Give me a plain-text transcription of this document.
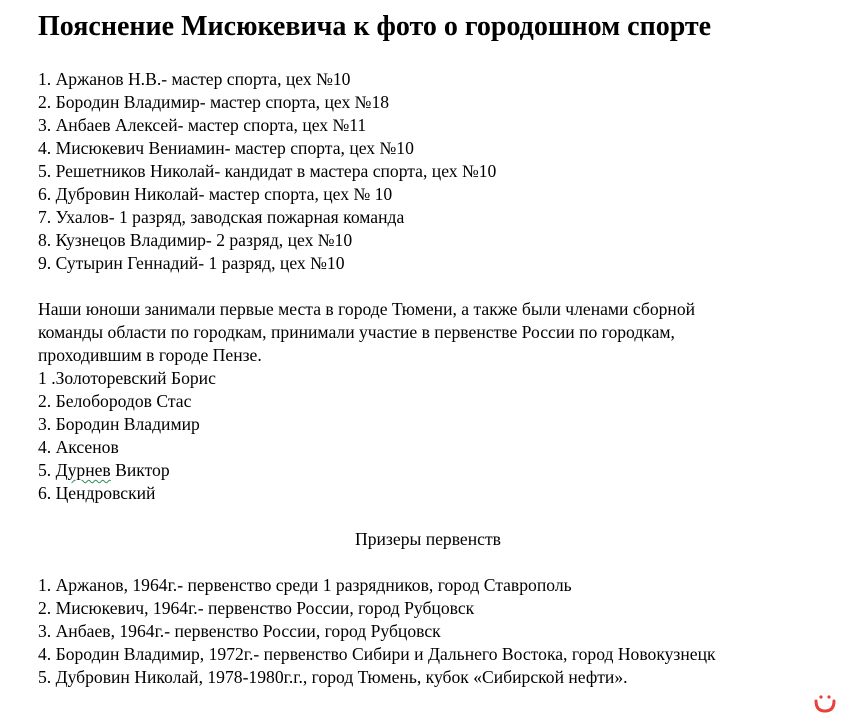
Пояснение Мисюкевича к фото о городошном спорте
1. Аржанов Н.В.- мастер спорта, цех №10
2. Бородин Владимир- мастер спорта, цех №18
3. Анбаев Алексей- мастер спорта, цех №11
4. Мисюкевич Вениамин- мастер спорта, цех №10
5. Решетников Николай- кандидат в мастера спорта, цех №10
6. Дубровин Николай- мастер спорта, цех № 10
7. Ухалов- 1 разряд, заводская пожарная команда
8. Кузнецов Владимир- 2 разряд, цех №10
9. Сутырин Геннадий- 1 разряд, цех №10
Наши юноши занимали первые места в городе Тюмени, а также были членами сборной
команды области по городкам, принимали участие в первенстве России по городкам,
проходившим в городе Пензе.
1 .Золоторевский Борис
2. Белобородов Стас
3. Бородин Владимир
4. Аксенов
5. Дурнев Виктор
6. Цендровский
Призеры первенств
1. Аржанов, 1964г.- первенство среди 1 разрядников, город Ставрополь
2. Мисюкевич, 1964г.- первенство России, город Рубцовск
3. Анбаев, 1964г.- первенство России, город Рубцовск
4. Бородин Владимир, 1972г.- первенство Сибири и Дальнего Востока, город Новокузнецк
5. Дубровин Николай, 1978-1980г.г., город Тюмень, кубок «Сибирской нефти».
